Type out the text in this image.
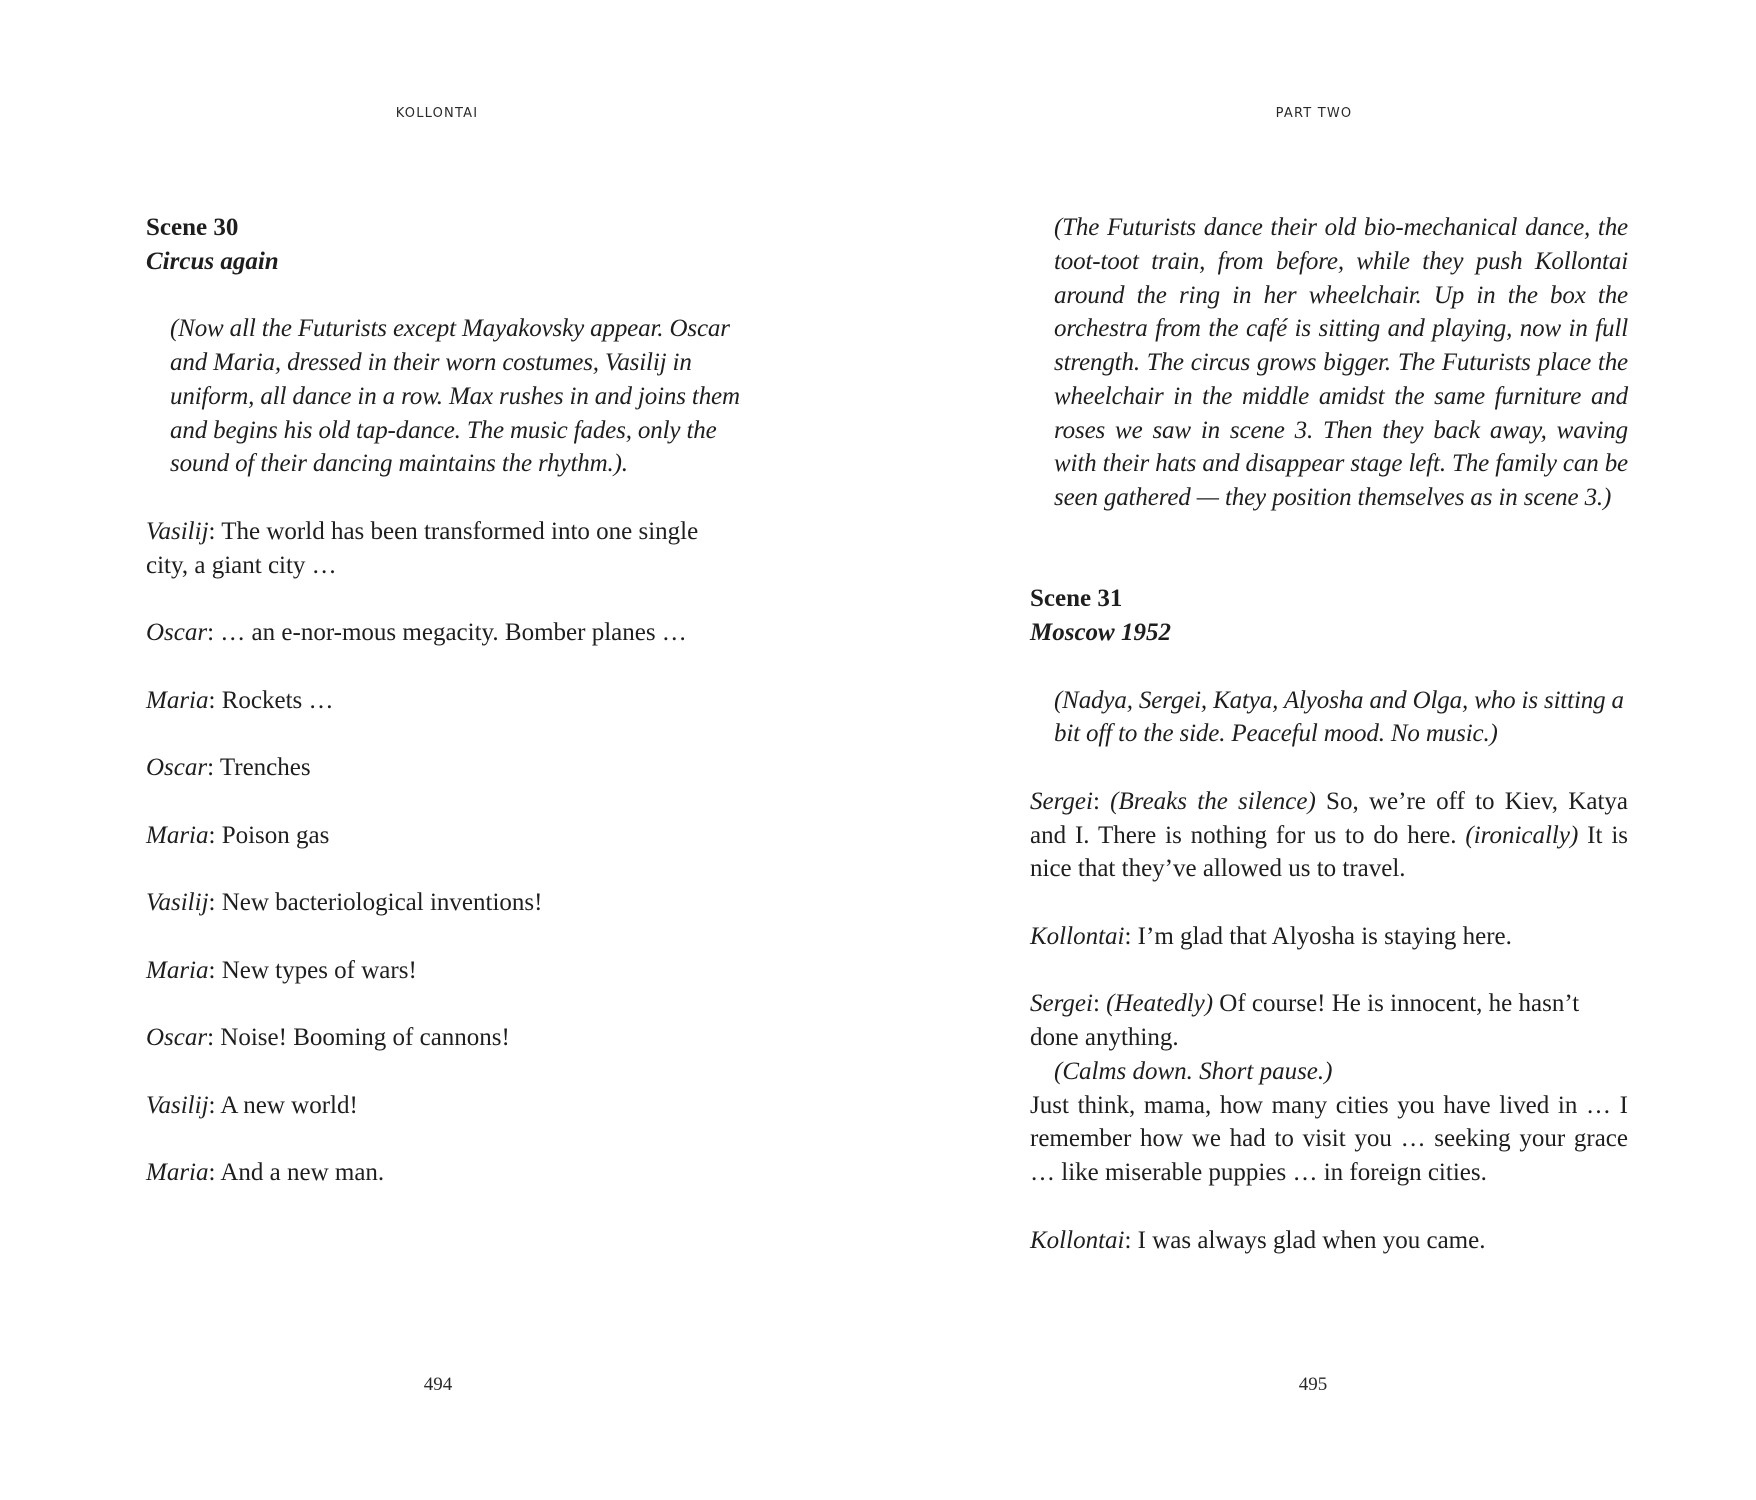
KOLLONTAI

Scene 30

Circus again

(Now all the Futurists except Mayakovsky appear. Oscar and Maria, dressed in their worn costumes, Vasilij in uniform, all dance in a row. Max rushes in and joins them and begins his old tap-dance. The music fades, only the sound of their dancing maintains the rhythm.).

Vasilij: The world has been transformed into one single city, a giant city …

Oscar: … an e-nor-mous megacity. Bomber planes …

Maria: Rockets …

Oscar: Trenches

Maria: Poison gas

Vasilij: New bacteriological inventions!

Maria: New types of wars!

Oscar: Noise! Booming of cannons!

Vasilij: A new world!

Maria: And a new man.

494
PART TWO

(The Futurists dance their old bio-mechanical dance, the toot-toot train, from before, while they push Kollontai around the ring in her wheelchair. Up in the box the orchestra from the café is sitting and playing, now in full strength. The circus grows bigger. The Futurists place the wheelchair in the middle amidst the same furniture and roses we saw in scene 3. Then they back away, waving with their hats and disappear stage left. The family can be seen gathered — they position themselves as in scene 3.)

Scene 31

Moscow 1952

(Nadya, Sergei, Katya, Alyosha and Olga, who is sitting a bit off to the side. Peaceful mood. No music.)

Sergei: (Breaks the silence) So, we’re off to Kiev, Katya and I. There is nothing for us to do here. (ironically) It is nice that they’ve allowed us to travel.

Kollontai: I’m glad that Alyosha is staying here.

Sergei: (Heatedly) Of course! He is innocent, he hasn’t done anything.

(Calms down. Short pause.)

Just think, mama, how many cities you have lived in … I remember how we had to visit you … seeking your grace … like miserable puppies … in foreign cities.

Kollontai: I was always glad when you came.

495
